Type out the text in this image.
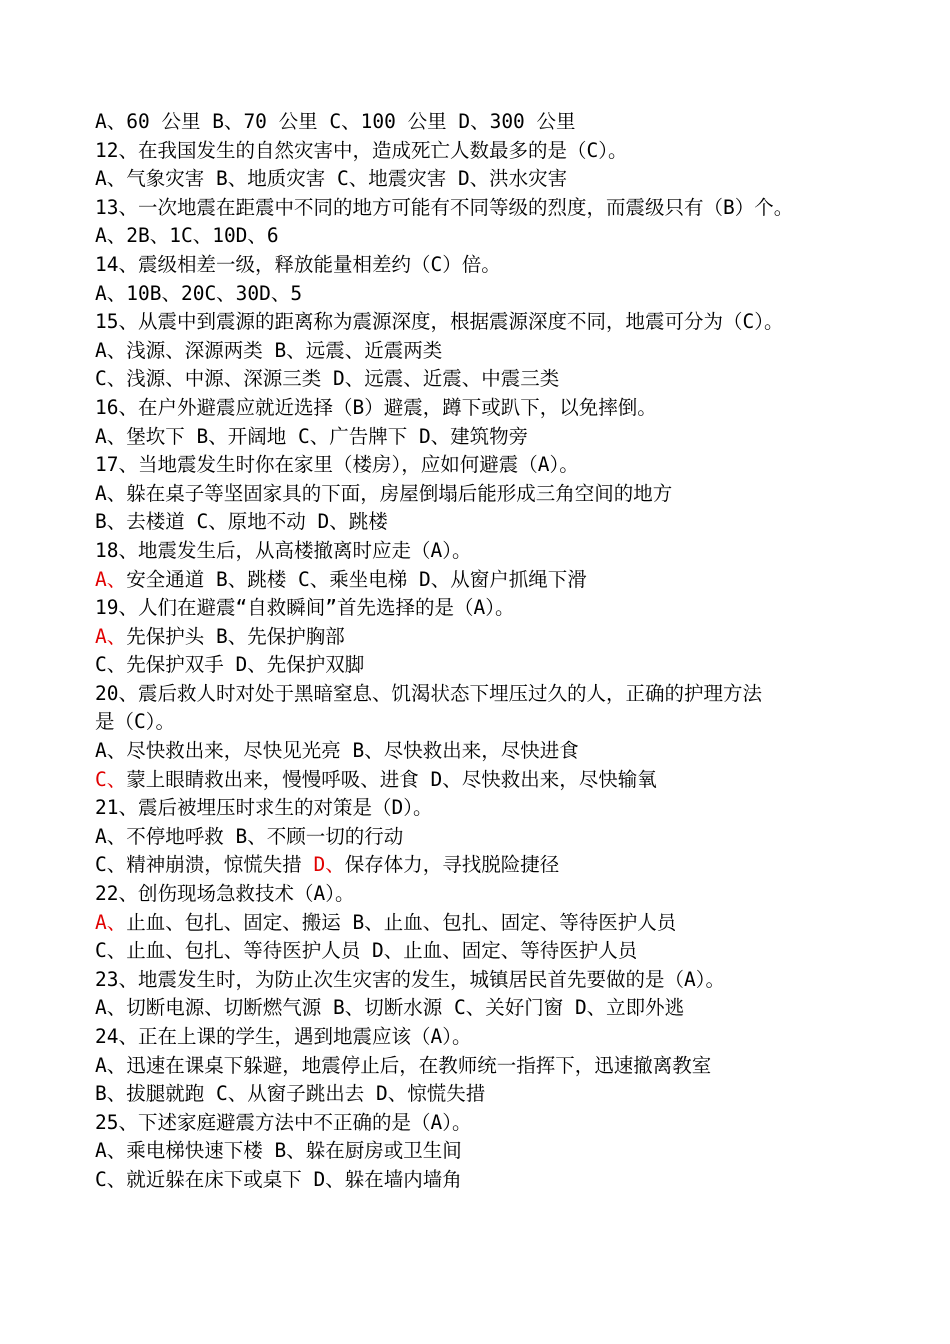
A、60 公里 B、70 公里 C、100 公里 D、300 公里
12、在我国发生的自然灾害中，造成死亡人数最多的是（C）。
A、气象灾害 B、地质灾害 C、地震灾害 D、洪水灾害
13、一次地震在距震中不同的地方可能有不同等级的烈度，而震级只有（B）个。
A、2B、1C、10D、6
14、震级相差一级，释放能量相差约（C）倍。
A、10B、20C、30D、5
15、从震中到震源的距离称为震源深度，根据震源深度不同，地震可分为（C）。
A、浅源、深源两类 B、远震、近震两类
C、浅源、中源、深源三类 D、远震、近震、中震三类
16、在户外避震应就近选择（B）避震，蹲下或趴下，以免摔倒。
A、堡坎下 B、开阔地 C、广告牌下 D、建筑物旁
17、当地震发生时你在家里（楼房），应如何避震（A）。
A、躲在桌子等坚固家具的下面，房屋倒塌后能形成三角空间的地方
B、去楼道 C、原地不动 D、跳楼
18、地震发生后，从高楼撤离时应走（A）。
A、安全通道 B、跳楼 C、乘坐电梯 D、从窗户抓绳下滑
19、人们在避震“自救瞬间”首先选择的是（A）。
A、先保护头 B、先保护胸部
C、先保护双手 D、先保护双脚
20、震后救人时对处于黑暗窒息、饥渴状态下埋压过久的人，正确的护理方法
是（C）。
A、尽快救出来，尽快见光亮 B、尽快救出来，尽快进食
C、蒙上眼睛救出来，慢慢呼吸、进食 D、尽快救出来，尽快输氧
21、震后被埋压时求生的对策是（D）。
A、不停地呼救 B、不顾一切的行动
C、精神崩溃，惊慌失措 D、保存体力，寻找脱险捷径
22、创伤现场急救技术（A）。
A、止血、包扎、固定、搬运 B、止血、包扎、固定、等待医护人员
C、止血、包扎、等待医护人员 D、止血、固定、等待医护人员
23、地震发生时，为防止次生灾害的发生，城镇居民首先要做的是（A）。
A、切断电源、切断燃气源 B、切断水源 C、关好门窗 D、立即外逃
24、正在上课的学生，遇到地震应该（A）。
A、迅速在课桌下躲避，地震停止后，在教师统一指挥下，迅速撤离教室
B、拔腿就跑 C、从窗子跳出去 D、惊慌失措
25、下述家庭避震方法中不正确的是（A）。
A、乘电梯快速下楼 B、躲在厨房或卫生间
C、就近躲在床下或桌下 D、躲在墙内墙角
